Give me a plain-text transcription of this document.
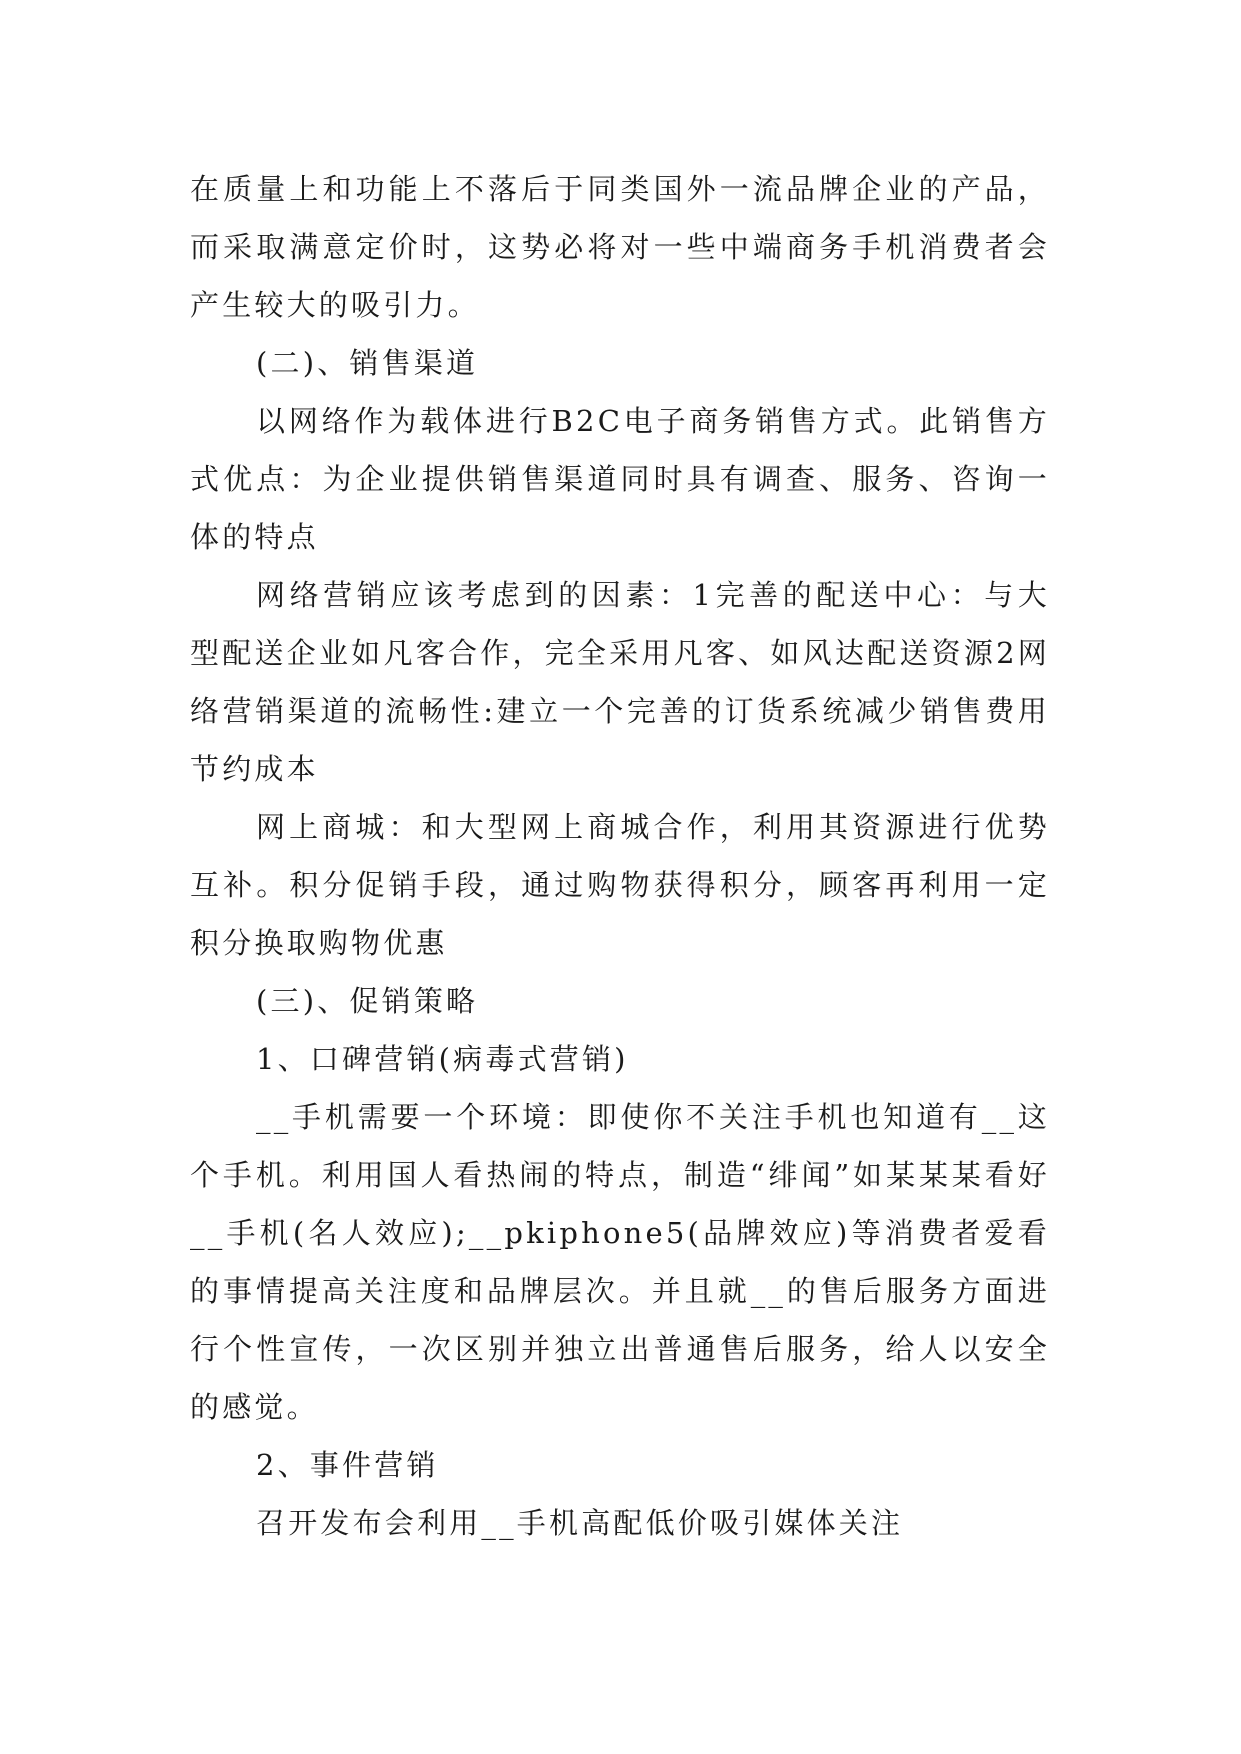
在质量上和功能上不落后于同类国外一流品牌企业的产品，而采取满意定价时，这势必将对一些中端商务手机消费者会产生较大的吸引力。

(二)、销售渠道

以网络作为载体进行B2C电子商务销售方式。此销售方式优点：为企业提供销售渠道同时具有调查、服务、咨询一体的特点

网络营销应该考虑到的因素：1完善的配送中心：与大型配送企业如凡客合作，完全采用凡客、如风达配送资源2网络营销渠道的流畅性:建立一个完善的订货系统减少销售费用节约成本

网上商城：和大型网上商城合作，利用其资源进行优势互补。积分促销手段，通过购物获得积分，顾客再利用一定积分换取购物优惠

(三)、促销策略

1、口碑营销(病毒式营销)

__手机需要一个环境：即使你不关注手机也知道有__这个手机。利用国人看热闹的特点，制造“绯闻”如某某某看好__手机(名人效应);__pkiphone5(品牌效应)等消费者爱看的事情提高关注度和品牌层次。并且就__的售后服务方面进行个性宣传，一次区别并独立出普通售后服务，给人以安全的感觉。

2、事件营销

召开发布会利用__手机高配低价吸引媒体关注
